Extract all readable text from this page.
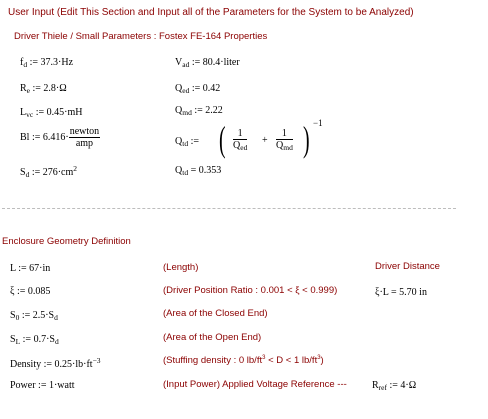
User Input (Edit This Section and Input all of the Parameters for the System to be Analyzed)
Driver Thiele / Small Parameters : Fostex FE-164 Properties
$f_d$ := 37.3·Hz
$R_e$ := 2.8·Ω
$L_{vc}$ := 0.45·mH
Bl := $6.416\cdot \frac{\text{newton}}{\text{amp}}$
$S_d$ := $276\cdot cm^2$
$V_{ad}$ := 80.4·liter
$Q_{ed}$ := 0.42
$Q_{md}$ := 2.22
$Q_{td}$ := ( $\frac{1}{Q_{ed}} + \frac{1}{Q_{md}}$ ) −1
$Q_{td} = 0.353$
Enclosure Geometry Definition
Driver Distance
L := 67·in	(Length)
ξ := 0.085	(Driver Position Ratio : 0.001 < ξ < 0.999)	ξ·L = 5.70 in
$S_0$ := $2.5\cdot S_d$	(Area of the Closed End)
$S_L$ := $0.7\cdot S_d$	(Area of the Open End)
Density := $0.25\cdot lb\cdot ft^{-3}$	(Stuffing density : 0 $lb/ft^3 < D < 1$ $lb/ft^3$)
Power := 1·watt	(Input Power) Applied Voltage Reference ---	$R_{ref}$ := 4·Ω
